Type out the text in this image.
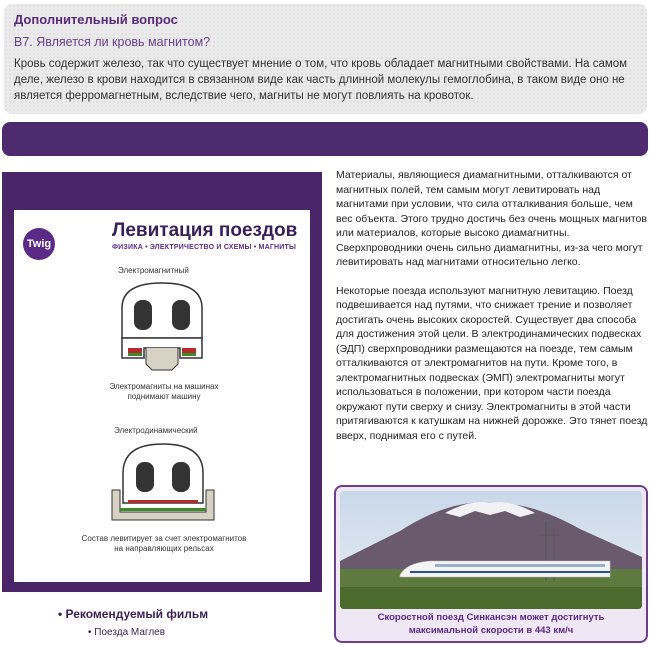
Дополнительный вопрос
В7. Является ли кровь магнитом?
Кровь содержит железо, так что существует мнение о том, что кровь обладает магнитными свойствами. На самом деле, железо в крови находится в связанном виде как часть длинной молекулы гемоглобина, в таком виде оно не является ферромагнетным, вследствие чего, магниты не могут повлиять на кровоток.
Twig
Левитация поездов
ФИЗИКА • ЭЛЕКТРИЧЕСТВО И СХЕМЫ • МАГНИТЫ
Электромагнитный
Электромагниты на машинах
поднимают машину
Электродинамический
Состав левитирует за счет электромагнитов
на направляющих рельсах
• Рекомендуемый фильм
• Поезда Маглев

Материалы, являющиеся диамагнитными, отталкиваются от магнитных полей, тем самым могут левитировать над магнитами при условии, что сила отталкивания больше, чем вес объекта. Этого трудно достичь без очень мощных магнитов или материалов, которые высоко диамагнитны. Сверхпроводники очень сильно диамагнитны, из-за чего могут левитировать над магнитами относительно легко.

Некоторые поезда используют магнитную левитацию. Поезд подвешивается над путями, что снижает трение и позволяет достигать очень высоких скоростей. Существует два способа для достижения этой цели. В электродинамических подвесках (ЭДП) сверхпроводники размещаются на поезде, тем самым отталкиваются от электромагнитов на пути. Кроме того, в электромагнитных подвесках (ЭМП) электромагниты могут использоваться в положении, при котором части поезда окружают пути сверху и снизу. Электромагниты в этой части притягиваются к катушкам на нижней дорожке. Это тянет поезд вверх, поднимая его с путей.

Скоростной поезд Синкансэн может достигнуть
максимальной скорости в 443 км/ч
